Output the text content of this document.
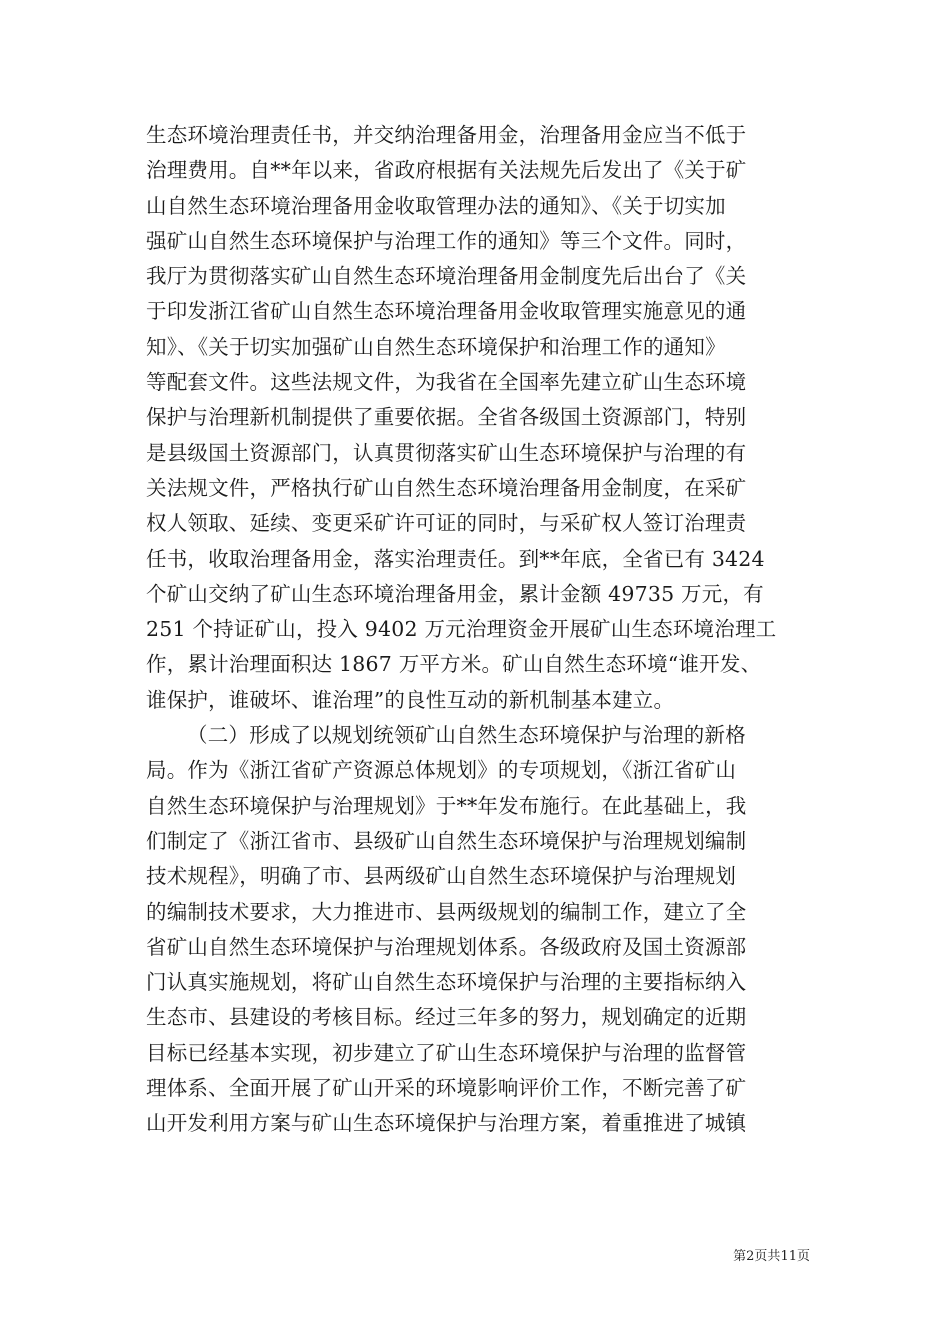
生态环境治理责任书，并交纳治理备用金，治理备用金应当不低于
治理费用。自**年以来，省政府根据有关法规先后发出了《关于矿
山自然生态环境治理备用金收取管理办法的通知》、《关于切实加
强矿山自然生态环境保护与治理工作的通知》等三个文件。同时，
我厅为贯彻落实矿山自然生态环境治理备用金制度先后出台了《关
于印发浙江省矿山自然生态环境治理备用金收取管理实施意见的通
知》、《关于切实加强矿山自然生态环境保护和治理工作的通知》
等配套文件。这些法规文件，为我省在全国率先建立矿山生态环境
保护与治理新机制提供了重要依据。全省各级国土资源部门，特别
是县级国土资源部门，认真贯彻落实矿山生态环境保护与治理的有
关法规文件，严格执行矿山自然生态环境治理备用金制度，在采矿
权人领取、延续、变更采矿许可证的同时，与采矿权人签订治理责
任书，收取治理备用金，落实治理责任。到**年底，全省已有 3424
个矿山交纳了矿山生态环境治理备用金，累计金额 49735 万元，有
251 个持证矿山，投入 9402 万元治理资金开展矿山生态环境治理工
作，累计治理面积达 1867 万平方米。矿山自然生态环境“谁开发、
谁保护，谁破坏、谁治理”的良性互动的新机制基本建立。
（二）形成了以规划统领矿山自然生态环境保护与治理的新格
局。作为《浙江省矿产资源总体规划》的专项规划，《浙江省矿山
自然生态环境保护与治理规划》于**年发布施行。在此基础上，我
们制定了《浙江省市、县级矿山自然生态环境保护与治理规划编制
技术规程》，明确了市、县两级矿山自然生态环境保护与治理规划
的编制技术要求，大力推进市、县两级规划的编制工作，建立了全
省矿山自然生态环境保护与治理规划体系。各级政府及国土资源部
门认真实施规划，将矿山自然生态环境保护与治理的主要指标纳入
生态市、县建设的考核目标。经过三年多的努力，规划确定的近期
目标已经基本实现，初步建立了矿山生态环境保护与治理的监督管
理体系、全面开展了矿山开采的环境影响评价工作，不断完善了矿
山开发利用方案与矿山生态环境保护与治理方案，着重推进了城镇
第2页共11页
